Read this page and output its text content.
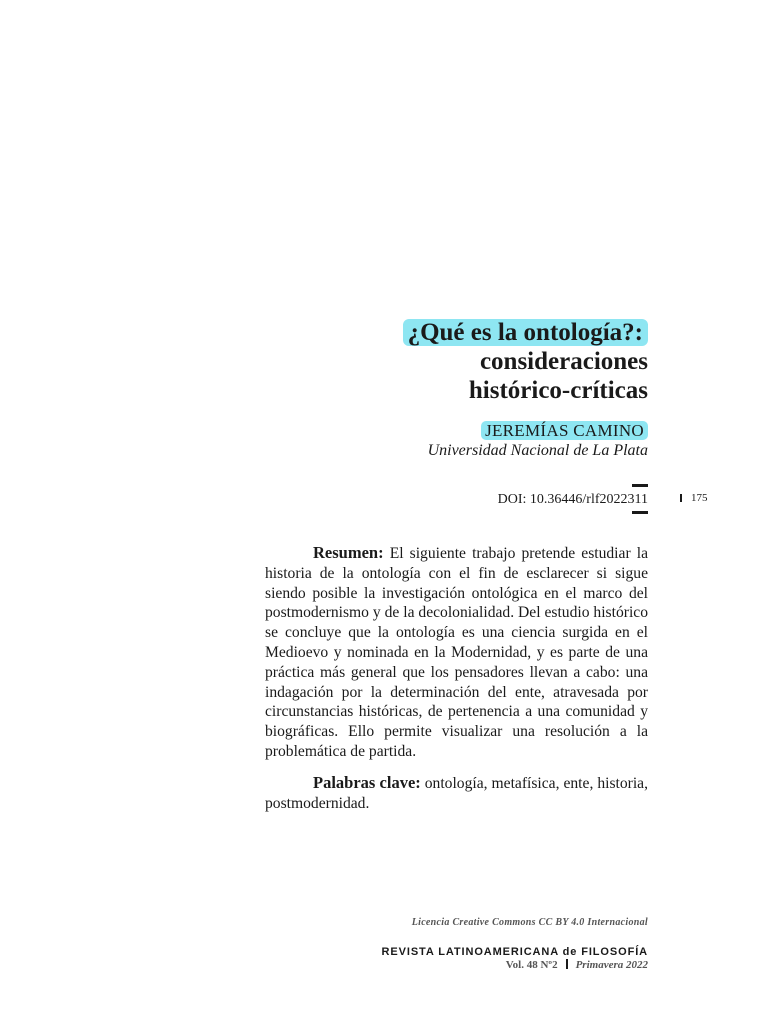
¿Qué es la ontología?:
consideraciones
histórico-críticas
JEREMÍAS CAMINO
Universidad Nacional de La Plata
DOI: 10.36446/rlf2022311	175

Resumen: El siguiente trabajo pretende estudiar la historia de la ontología con el fin de esclarecer si sigue siendo posible la investigación ontológica en el marco del postmodernismo y de la decolonialidad. Del estudio histórico se concluye que la ontología es una ciencia surgida en el Medioevo y nominada en la Modernidad, y es parte de una práctica más general que los pensadores llevan a cabo: una indagación por la determinación del ente, atravesada por circunstancias históricas, de pertenencia a una comunidad y biográficas. Ello permite visualizar una resolución a la problemática de partida.

Palabras clave: ontología, metafísica, ente, historia, postmodernidad.

Licencia Creative Commons CC BY 4.0 Internacional
REVISTA LATINOAMERICANA de FILOSOFÍA
Vol. 48 Nº2 Primavera 2022
